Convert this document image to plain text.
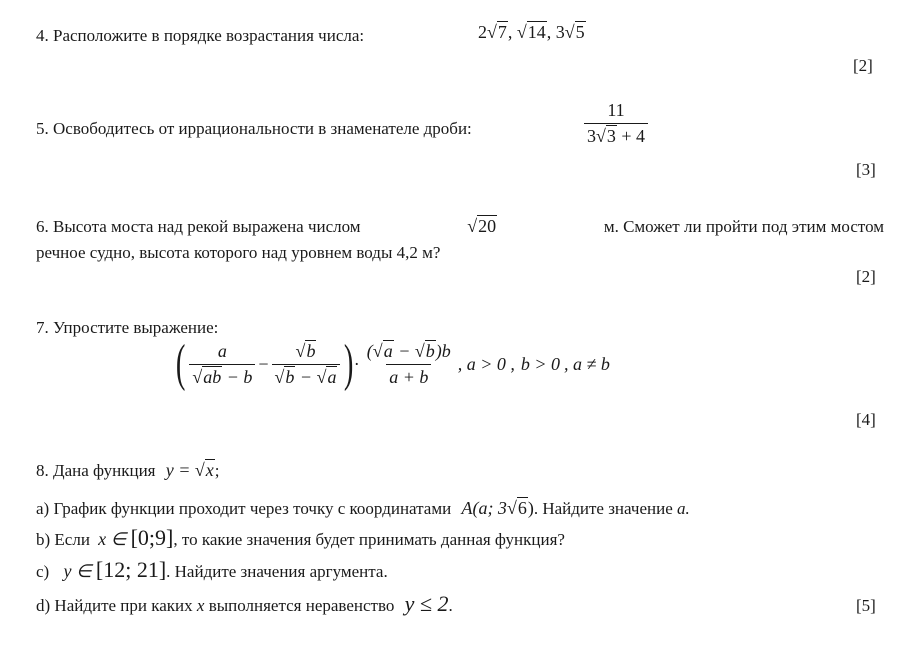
4. Расположите в порядке возрастания числа:	2√7, √14, 3√5
[2]
5. Освободитесь от иррациональности в знаменателе дроби:	$\frac{11}{3√3 + 4}$
[3]
6. Высота моста над рекой выражена числом	√20	м. Сможет ли пройти под этим мостом
речное судно, высота которого над уровнем воды 4,2 м?
[2]
7. Упростите выражение:
( $\frac{a}{√ab - b} - \frac{√b}{√b - √a}$ ) · $\frac{(√a - √b)b}{a + b}$ , a > 0 , b > 0 , a ≠ b
[4]
8. Дана функция y = √x;
a) График функции проходит через точку с координатами A(a; 3√6). Найдите значение a.
b) Если x ∈ [0;9], то какие значения будет принимать данная функция?
c) y ∈ [12; 21]. Найдите значения аргумента.
d) Найдите при каких x выполняется неравенство y ≤ 2.	[5]
